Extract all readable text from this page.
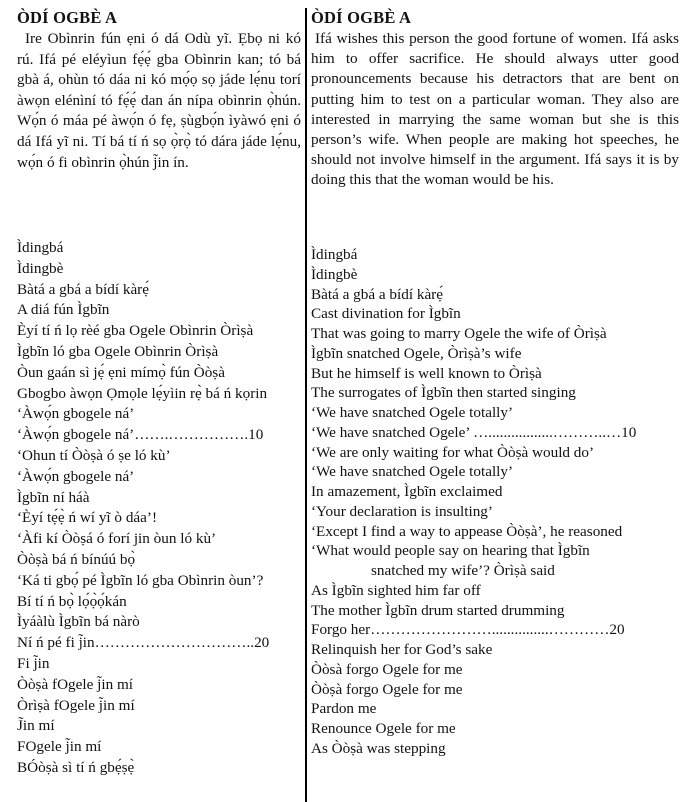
ÒDÍ OGBÈ A
Ire Obìnrin fún ẹni ó dá Odù yĩ. Ẹbọ ni kó rú. Ifá pé eléyìun fẹ́ẹ́ gba Obìnrin kan; tó bá gbà á, ohùn tó dáa ni kó mọ́ọ sọ jáde lẹ́nu torí àwọn elénìní tó fẹ́ẹ́ dan án nípa obìnrin ọ̀hún. Wọ́n ó máa pé àwọ́n ó fẹ, ṣùgbọ́n ìyàwó ẹni ó dá Ifá yĩ ni. Tí bá tí ń sọ ọ̀rọ̀ tó dára jáde lẹ́nu, wọ́n ó fi obìnrin ọ̀hún j̃in ín.
Ìdingbá
Ìdingbè
Bàtá a gbá a bídí kàrẹ́
A diá fún Ìgbĩn
Èyí tí ń lọ rèé gba Ogele Obìnrin Òrìṣà
Ìgbĩn ló gba Ogele Obìnrin Òrìṣà
Òun gaán sì jẹ́ ẹni mímọ̀ fún Òòṣà
Gbogbo àwọn Ọmọle lẹ́yìin rẹ̀ bá ń kọrin
‘Àwọ́n gbogele ná’
‘Àwọ́n gbogele ná’…….…………….10
‘Ohun tí Òòṣà ó ṣe ló kù’
‘Àwọ́n gbogele ná’
Ìgbĩn ní háà
‘Èyí tẹ́ẹ̀ ń wí yĩ ò dáa’!
‘Àfi kí Òòṣá ó forí jin òun ló kù’
Òòṣà bá ń bínúú bọ̀
‘Ká ti gbọ́ pé Ìgbĩn ló gba Obìnrin òun’?
Bí tí ń bọ̀ lọ́ọ̀ọ́kán
Ìyáàlù Ìgbĩn bá nàrò
Ní ń pé fi j̃in…………………………..20
Fi j̃in
Òòṣà fOgele j̃in mí
Òrìṣà fOgele j̃in mí
J̃in mí
FOgele j̃in mí
BÓòṣà sì tí ń gbẹ́ṣẹ̀
ÒDÍ OGBÈ A
Ifá wishes this person the good fortune of women. Ifá asks him to offer sacrifice. He should always utter good pronouncements because his detractors that are bent on putting him to test on a particular woman. They also are interested in marrying the same woman but she is this person’s wife. When people are making hot speeches, he should not involve himself in the argument. Ifá says it is by doing this that the woman would be his.
Ìdingbá
Ìdingbè
Bàtá a gbá a bídí kàrẹ́
Cast divination for Ìgbĩn
That was going to marry Ogele the wife of Òrìṣà
Ìgbĩn snatched Ogele, Òrìṣà’s wife
But he himself is well known to Òrìṣà
The surrogates of Ìgbĩn then started singing
‘We have snatched Ogele totally’
‘We have snatched Ogele’ ….................………..…10
‘We are only waiting for what Òòṣà would do’
‘We have snatched Ogele totally’
In amazement, Ìgbĩn exclaimed
‘Your declaration is insulting’
‘Except I find a way to appease Òòṣà’, he reasoned
‘What would people say on hearing that Ìgbĩn
snatched my wife’? Òrìṣà said
As Ìgbĩn sighted him far off
The mother Ìgbĩn drum started drumming
Forgo her……………………...............…………20
Relinquish her for God’s sake
Òòsà forgo Ogele for me
Òòṣà forgo Ogele for me
Pardon me
Renounce Ogele for me
As Òòṣà was stepping
